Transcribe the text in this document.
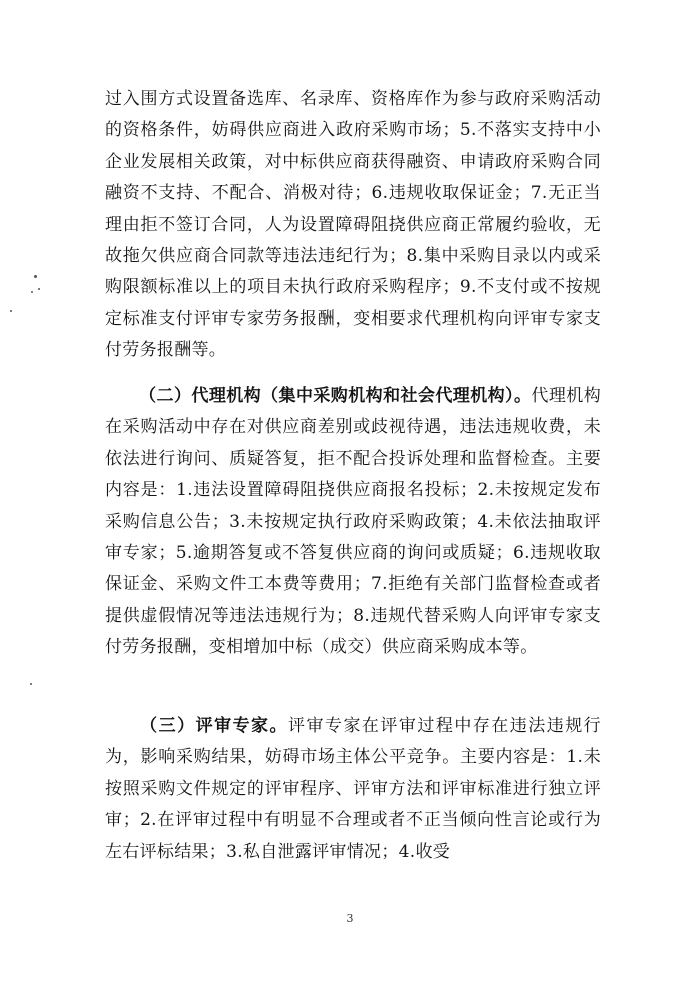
过入围方式设置备选库、名录库、资格库作为参与政府采购活动的资格条件，妨碍供应商进入政府采购市场；5.不落实支持中小企业发展相关政策，对中标供应商获得融资、申请政府采购合同融资不支持、不配合、消极对待；6.违规收取保证金；7.无正当理由拒不签订合同，人为设置障碍阻挠供应商正常履约验收，无故拖欠供应商合同款等违法违纪行为；8.集中采购目录以内或采购限额标准以上的项目未执行政府采购程序；9.不支付或不按规定标准支付评审专家劳务报酬，变相要求代理机构向评审专家支付劳务报酬等。
（二）代理机构（集中采购机构和社会代理机构）。代理机构在采购活动中存在对供应商差别或歧视待遇，违法违规收费，未依法进行询问、质疑答复，拒不配合投诉处理和监督检查。主要内容是：1.违法设置障碍阻挠供应商报名投标；2.未按规定发布采购信息公告；3.未按规定执行政府采购政策；4.未依法抽取评审专家；5.逾期答复或不答复供应商的询问或质疑；6.违规收取保证金、采购文件工本费等费用；7.拒绝有关部门监督检查或者提供虚假情况等违法违规行为；8.违规代替采购人向评审专家支付劳务报酬，变相增加中标（成交）供应商采购成本等。
（三）评审专家。评审专家在评审过程中存在违法违规行为，影响采购结果，妨碍市场主体公平竞争。主要内容是：1.未按照采购文件规定的评审程序、评审方法和评审标准进行独立评审；2.在评审过程中有明显不合理或者不正当倾向性言论或行为左右评标结果；3.私自泄露评审情况；4.收受
3
